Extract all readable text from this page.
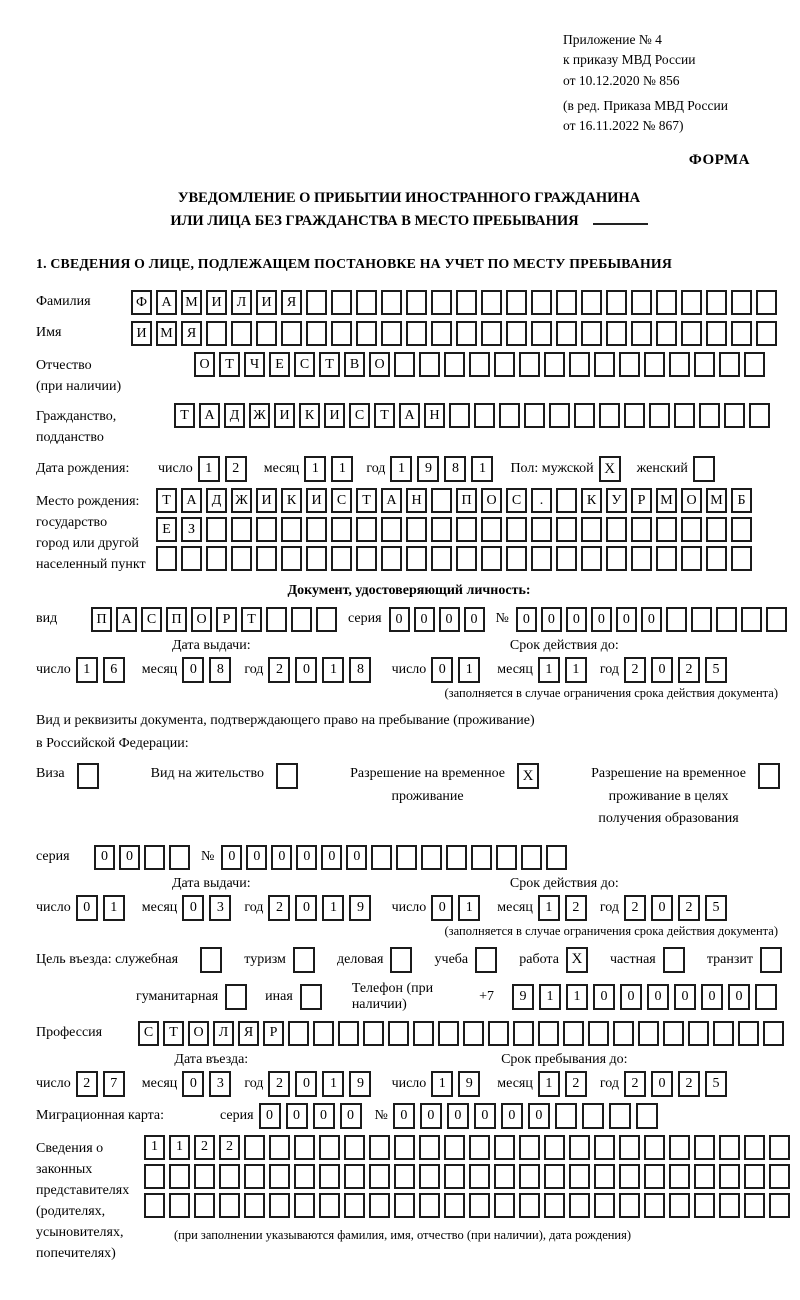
Приложение № 4
к приказу МВД России
от 10.12.2020 № 856
(в ред. Приказа МВД России
от 16.11.2022 № 867)
ФОРМА
УВЕДОМЛЕНИЕ О ПРИБЫТИИ ИНОСТРАННОГО ГРАЖДАНИНА
ИЛИ ЛИЦА БЕЗ ГРАЖДАНСТВА В МЕСТО ПРЕБЫВАНИЯ
1. СВЕДЕНИЯ О ЛИЦЕ, ПОДЛЕЖАЩЕМ ПОСТАНОВКЕ НА УЧЕТ ПО МЕСТУ ПРЕБЫВАНИЯ
Фамилия	Ф	А М И	Л	И	Я
Имя	И М	Я
Отчество
(при наличии)
О	Т	Ч	Е	С	Т	В	О
Гражданство,
подданство
Т	А	Д Ж И	К	И	С	Т	А	Н
Дата рождения:	число 1	2	месяц 1	1	год 1	9	8	1	Пол: мужской X	женский
Место рождения:
государство
город или другой
населенный пункт
Т	А	Д Ж И	К	И	С	Т	А	Н	П	О	С	.	К	У	Р	М О М	Б
Е	З
Документ, удостоверяющий личность:
вид	П	А	С	П	О	Р	Т	серия	0	0	0	0	№	0	0	0	0	0	0
Дата выдачи:	Срок действия до:
число 1	6	месяц 0	8	год 2	0	1	8	число 0	1	месяц 1	1	год 2	0	2	5
(заполняется в случае ограничения срока действия документа)
Вид и реквизиты документа, подтверждающего право на пребывание (проживание)
в Российской Федерации:
Виза	Вид на жительство	Разрешение на временное
проживание
X	Разрешение на временное
проживание в целях
получения образования
серия	0	0	№	0	0	0	0	0	0
Дата выдачи:	Срок действия до:
число 0	1	месяц 0	3	год 2	0	1	9	число 0	1	месяц 1	2	год 2	0	2	5
(заполняется в случае ограничения срока действия документа)
Цель въезда: служебная	туризм	деловая	учеба	работа X	частная	транзит
гуманитарная	иная
Телефон (при наличии)
+7	9	1	1	0	0	0	0	0	0
Профессия	С	Т	О	Л	Я	Р
Дата въезда:	Срок пребывания до:
число 2	7	месяц 0	3	год 2	0	1	9	число 1	9	месяц 1	2	год 2	0	2	5
Миграционная карта:	серия 0	0	0	0	№ 0	0	0	0	0	0
Сведения о
законных
представителях
(родителях,
усыновителях,
попечителях)
1	1	2	2
(при заполнении указываются фамилия, имя, отчество (при наличии), дата рождения)
